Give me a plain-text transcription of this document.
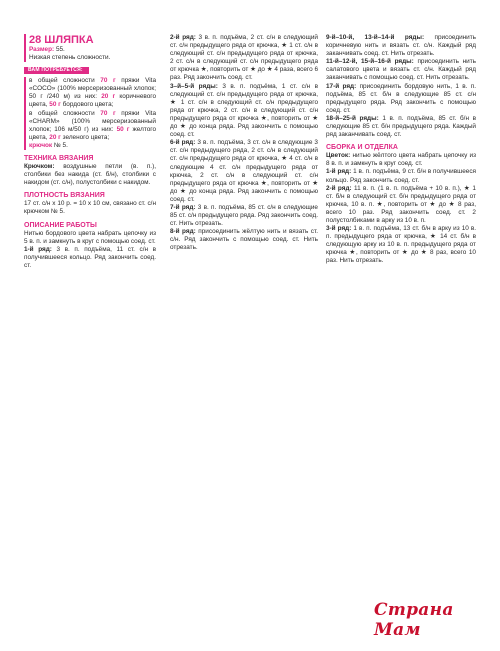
28 ШЛЯПКА

Размер: 55.

Низкая степень сложности.

ВАМ ПОТРЕБУЕТСЯ:

в общей сложности 70 г пряжи Vita «COCO» (100% мерсеризованный хлопок; 50 г /240 м) из них: 20 г коричневого цвета, 50 г бордового цвета;

в общей сложности 70 г пряжи Vita «CHARM» (100% мерсеризованный хлопок; 106 м/50 г) из них: 50 г желтого цвета, 20 г зеленого цвета;

крючок № 5.

ТЕХНИКА ВЯЗАНИЯ

Крючком: воздушные петли (в. п.), столбики без накида (ст. б/н), столбики с накидом (ст. с/н), полустолбики с накидом.

ПЛОТНОСТЬ ВЯЗАНИЯ

17 ст. с/н х 10 р. = 10 х 10 см, связано ст. с/н крючком № 5.

ОПИСАНИЕ РАБОТЫ

Нитью бордового цвета набрать цепочку из 5 в. п. и замкнуть в круг с помощью соед. ст.

1-й ряд: 3 в. п. подъёма, 11 ст. с/н в получившееся кольцо. Ряд закончить соед. ст.

2-й ряд: 3 в. п. подъёма, 2 ст. с/н в следующий ст. с/н предыдущего ряда от крючка, ★ 1 ст. с/н в следующий ст. с/н предыдущего ряда от крючка, 2 ст. с/н в следующий ст. с/н предыдущего ряда от крючка ★, повторить от ★ до ★ 4 раза, всего 6 раз. Ряд закончить соед. ст.

3–й–5-й ряды: 3 в. п. подъёма, 1 ст. с/н в следующий ст. с/н предыдущего ряда от крючка, ★ 1 ст. с/н в следующий ст. с/н предыдущего ряда от крючка, 2 ст. с/н в следующий ст. с/н предыдущего ряда от крючка ★, повторить от ★ до ★ до конца ряда. Ряд закончить с помощью соед. ст.

6-й ряд: 3 в. п. подъёма, 3 ст. с/н в следующие 3 ст. с/н предыдущего ряда, 2 ст. с/н в следующий ст. с/н предыдущего ряда от крючка, ★ 4 ст. с/н в следующие 4 ст. с/н предыдущего ряда от крючка, 2 ст. с/н в следующий ст. с/н предыдущего ряда от крючка ★, повторить от ★ до ★ до конца ряда. Ряд закончить с помощью соед. ст.

7-й ряд: 3 в. п. подъёма, 85 ст. с/н в следующие 85 ст. с/н предыдущего ряда. Ряд закончить соед. ст. Нить отрезать.

8-й ряд: присоединить жёлтую нить и вязать ст. с/н. Ряд закончить с помощью соед. ст. Нить отрезать.

9-й–10-й, 13-й–14-й ряды: присоединить коричневую нить и вязать ст. с/н. Каждый ряд заканчивать соед. ст. Нить отрезать.

11-й–12-й, 15-й–16-й ряды: присоединить нить салатового цвета и вязать ст. с/н. Каждый ряд заканчивать с помощью соед. ст. Нить отрезать.

17-й ряд: присоединить бордовую нить, 1 в. п. подъёма, 85 ст. б/н в следующие 85 ст. с/н предыдущего ряда. Ряд закончить с помощью соед. ст.

18-й–25-й ряды: 1 в. п. подъёма, 85 ст. б/н в следующие 85 ст. б/н предыдущего ряда. Каждый ряд заканчивать соед. ст.

СБОРКА И ОТДЕЛКА

Цветок: нитью жёлтого цвета набрать цепочку из 8 в. п. и замкнуть в круг соед. ст.

1-й ряд: 1 в. п. подъёма, 9 ст. б/н в получившееся кольцо. Ряд закончить соед. ст.

2-й ряд: 11 в. п. (1 в. п. подъёма + 10 в. п.), ★ 1 ст. б/н в следующий ст. б/н предыдущего ряда от крючка, 10 в. п. ★, повторить от ★ до ★ 8 раз, всего 10 раз. Ряд закончить соед. ст. 2 полустолбиками в арку из 10 в. п.

3-й ряд: 1 в. п. подъёма, 13 ст. б/н в арку из 10 в. п. предыдущего ряда от крючка, ★ 14 ст. б/н в следующую арку из 10 в. п. предыдущего ряда от крючка ★, повторить от ★ до ★ 8 раз, всего 10 раз. Нить отрезать.

Страна Мам
